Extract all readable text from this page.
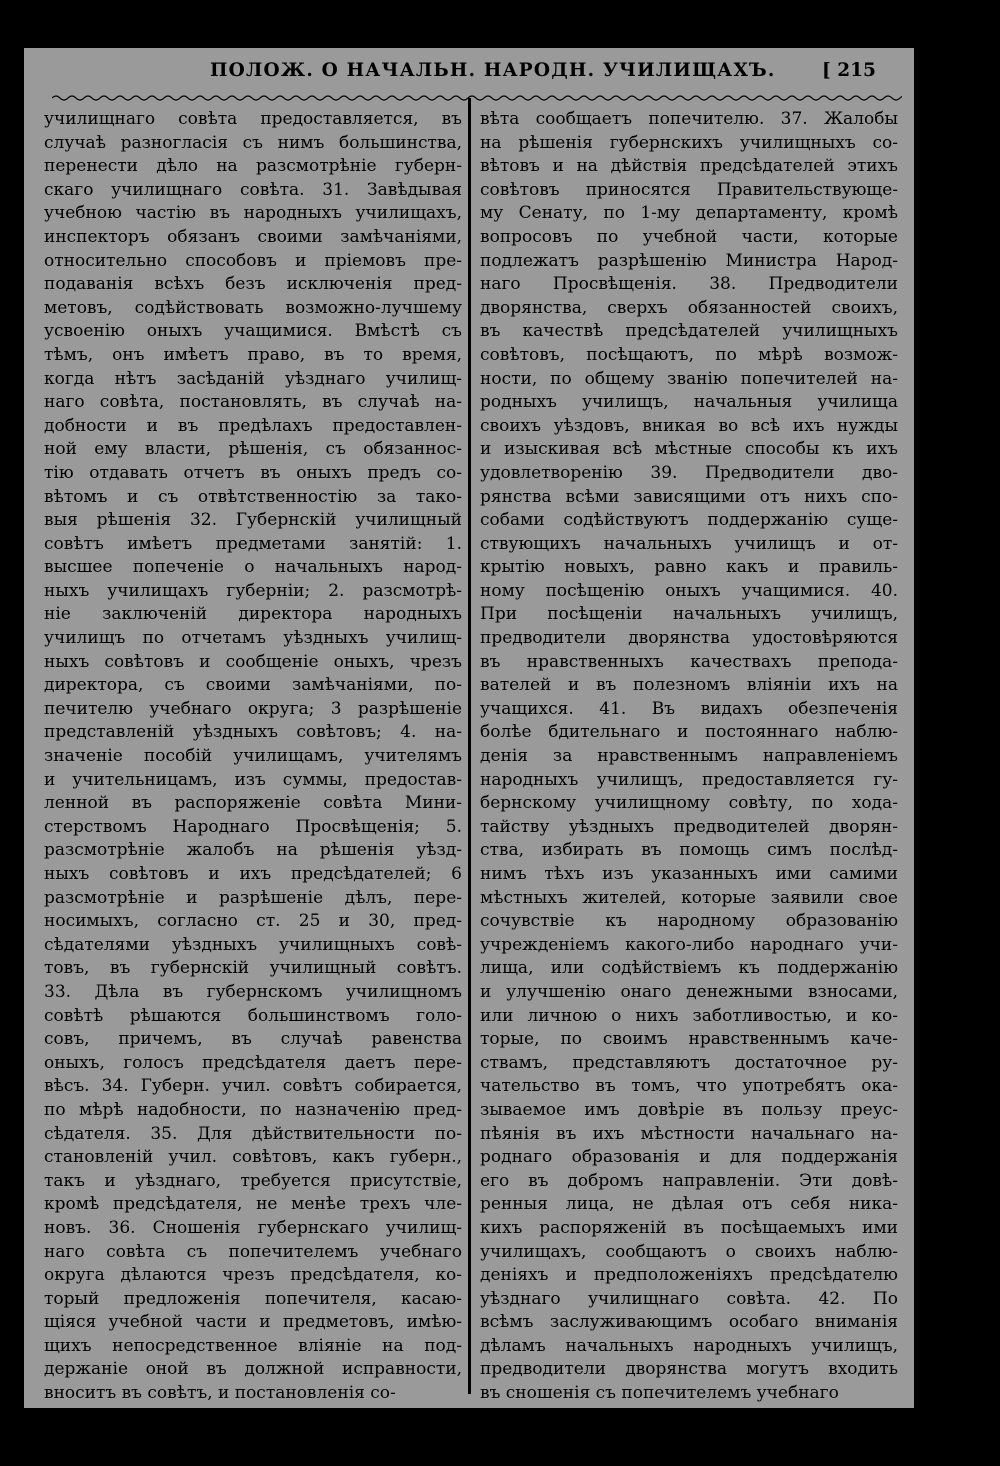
ПОЛОЖ. О НАЧАЛЬН. НАРОДН. УЧИЛИЩАХЪ.	[ 215
училищнаго совѣта предоставляется, въ
случаѣ разногласія съ нимъ большинства,
перенести дѣло на разсмотрѣніе губерн-
скаго училищнаго совѣта. 31. Завѣдывая
учебною частію въ народныхъ училищахъ,
инспекторъ обязанъ своими замѣчаніями,
относительно способовъ и пріемовъ пре-
подаванія всѣхъ безъ исключенія пред-
метовъ, содѣйствовать возможно-лучшему
усвоенію оныхъ учащимися. Вмѣстѣ съ
тѣмъ, онъ имѣетъ право, въ то время,
когда нѣтъ засѣданій уѣзднаго училищ-
наго совѣта, постановлять, въ случаѣ на-
добности и въ предѣлахъ предоставлен-
ной ему власти, рѣшенія, съ обязаннос-
тію отдавать отчетъ въ оныхъ предъ со-
вѣтомъ и съ отвѣтственностію за тако-
выя рѣшенія 32. Губернскій училищный
совѣтъ имѣетъ предметами занятій: 1.
высшее попеченіе о начальныхъ народ-
ныхъ училищахъ губерніи; 2. разсмотрѣ-
ніе заключеній директора народныхъ
училищъ по отчетамъ уѣздныхъ училищ-
ныхъ совѣтовъ и сообщеніе оныхъ, чрезъ
директора, съ своими замѣчаніями, по-
печителю учебнаго округа; 3 разрѣшеніе
представленій уѣздныхъ совѣтовъ; 4. на-
значеніе пособій училищамъ, учителямъ
и учительницамъ, изъ суммы, предостав-
ленной въ распоряженіе совѣта Мини-
стерствомъ Народнаго Просвѣщенія; 5.
разсмотрѣніе жалобъ на рѣшенія уѣзд-
ныхъ совѣтовъ и ихъ предсѣдателей; 6
разсмотрѣніе и разрѣшеніе дѣлъ, пере-
носимыхъ, согласно ст. 25 и 30, пред-
сѣдателями уѣздныхъ училищныхъ совѣ-
товъ, въ губернскій училищный совѣтъ.
33. Дѣла въ губернскомъ училищномъ
совѣтѣ рѣшаются большинствомъ голо-
совъ, причемъ, въ случаѣ равенства
оныхъ, голосъ предсѣдателя даетъ пере-
вѣсъ. 34. Губерн. учил. совѣтъ собирается,
по мѣрѣ надобности, по назначенію пред-
сѣдателя. 35. Для дѣйствительности по-
становленій учил. совѣтовъ, какъ губерн.,
такъ и уѣзднаго, требуется присутствіе,
кромѣ предсѣдателя, не менѣе трехъ чле-
новъ. 36. Сношенія губернскаго училищ-
наго совѣта съ попечителемъ учебнаго
округа дѣлаются чрезъ предсѣдателя, ко-
торый предложенія попечителя, касаю-
щіяся учебной части и предметовъ, имѣю-
щихъ непосредственное вліяніе на под-
держаніе оной въ должной исправности,
вноситъ въ совѣтъ, и постановленія со-
вѣта сообщаетъ попечителю. 37. Жалобы
на рѣшенія губернскихъ училищныхъ со-
вѣтовъ и на дѣйствія предсѣдателей этихъ
совѣтовъ приносятся Правительствующе-
му Сенату, по 1-му департаменту, кромѣ
вопросовъ по учебной части, которые
подлежатъ разрѣшенію Министра Народ-
наго Просвѣщенія. 38. Предводители
дворянства, сверхъ обязанностей своихъ,
въ качествѣ предсѣдателей училищныхъ
совѣтовъ, посѣщаютъ, по мѣрѣ возмож-
ности, по общему званію попечителей на-
родныхъ училищъ, начальныя училища
своихъ уѣздовъ, вникая во всѣ ихъ нужды
и изыскивая всѣ мѣстные способы къ ихъ
удовлетворенію 39. Предводители дво-
рянства всѣми зависящими отъ нихъ спо-
собами содѣйствуютъ поддержанію суще-
ствующихъ начальныхъ училищъ и от-
крытію новыхъ, равно какъ и правиль-
ному посѣщенію оныхъ учащимися. 40.
При посѣщеніи начальныхъ училищъ,
предводители дворянства удостовѣряются
въ нравственныхъ качествахъ препода-
вателей и въ полезномъ вліяніи ихъ на
учащихся. 41. Въ видахъ обезпеченія
болѣе бдительнаго и постояннаго наблю-
денія за нравственнымъ направленіемъ
народныхъ училищъ, предоставляется гу-
бернскому училищному совѣту, по хода-
тайству уѣздныхъ предводителей дворян-
ства, избирать въ помощь симъ послѣд-
нимъ тѣхъ изъ указанныхъ ими самими
мѣстныхъ жителей, которые заявили свое
сочувствіе къ народному образованію
учрежденіемъ какого-либо народнаго учи-
лища, или содѣйствіемъ къ поддержанію
и улучшенію онаго денежными взносами,
или личною о нихъ заботливостью, и ко-
торые, по своимъ нравственнымъ каче-
ствамъ, представляютъ достаточное ру-
чательство въ томъ, что употребятъ ока-
зываемое имъ довѣріе въ пользу преус-
пѣянія въ ихъ мѣстности начальнаго на-
роднаго образованія и для поддержанія
его въ добромъ направленіи. Эти довѣ-
ренныя лица, не дѣлая отъ себя никa-
кихъ распоряженій въ посѣщаемыхъ ими
училищахъ, сообщаютъ о своихъ наблю-
деніяхъ и предположеніяхъ предсѣдателю
уѣзднаго училищнаго совѣта. 42. По
всѣмъ заслуживающимъ особаго вниманія
дѣламъ начальныхъ народныхъ училищъ,
предводители дворянства могутъ входить
въ сношенія съ попечителемъ учебнаго
